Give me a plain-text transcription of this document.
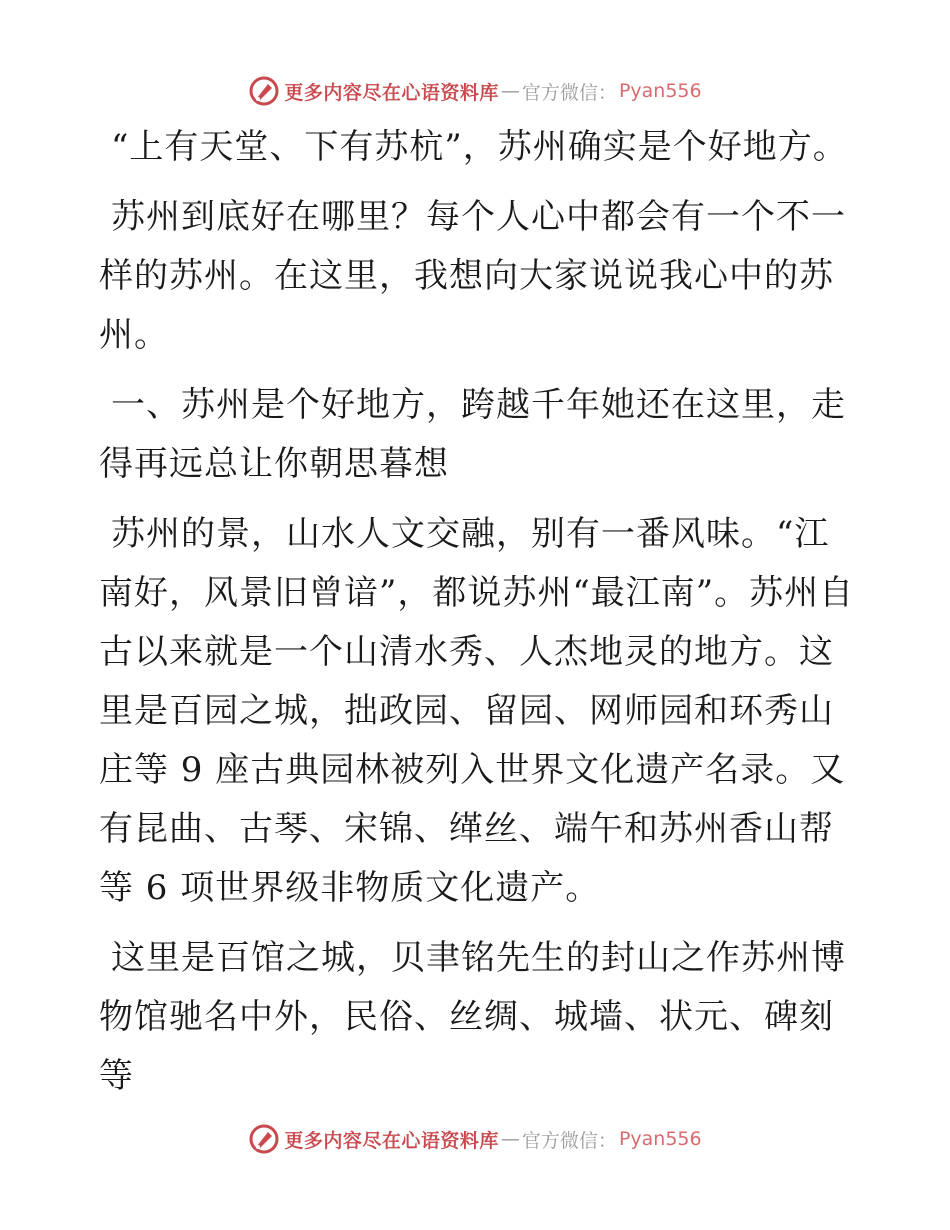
更多内容尽在心语资料库 — 官方微信： Pyan556

“上有天堂、下有苏杭”，苏州确实是个好地方。

苏州到底好在哪里？每个人心中都会有一个不一样的苏州。在这里，我想向大家说说我心中的苏州。

一、苏州是个好地方，跨越千年她还在这里，走得再远总让你朝思暮想

苏州的景，山水人文交融，别有一番风味。“江南好，风景旧曾谙”，都说苏州“最江南”。苏州自古以来就是一个山清水秀、人杰地灵的地方。这里是百园之城，拙政园、留园、网师园和环秀山庄等 9 座古典园林被列入世界文化遗产名录。又有昆曲、古琴、宋锦、缂丝、端午和苏州香山帮等 6 项世界级非物质文化遗产。

这里是百馆之城，贝聿铭先生的封山之作苏州博物馆驰名中外，民俗、丝绸、城墙、状元、碑刻等

更多内容尽在心语资料库 — 官方微信： Pyan556
